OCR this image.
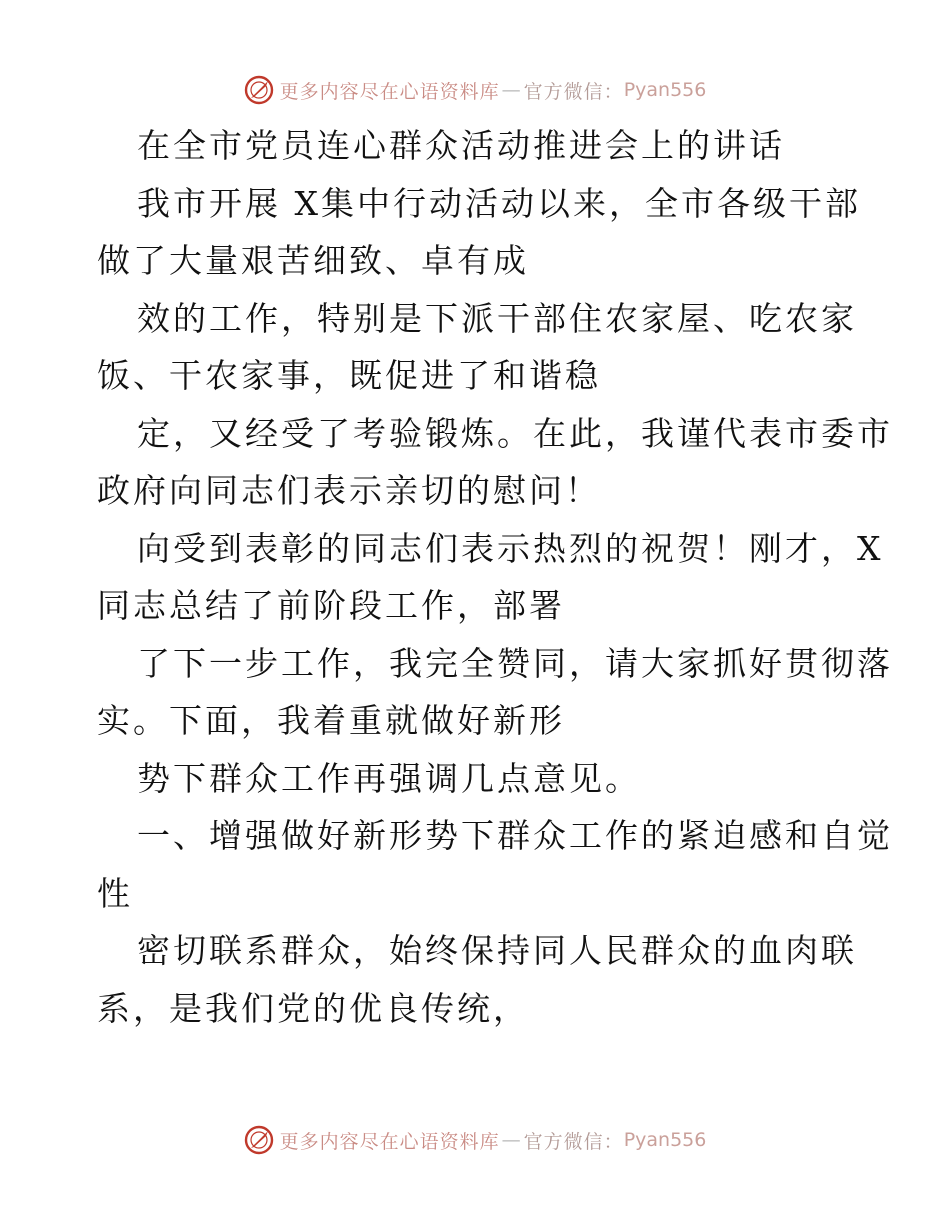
更多内容尽在心语资料库 — 官方微信： Pyan556

在全市党员连心群众活动推进会上的讲话

我市开展 X集中行动活动以来，全市各级干部

做了大量艰苦细致、卓有成

效的工作，特别是下派干部住农家屋、吃农家

饭、干农家事，既促进了和谐稳

定，又经受了考验锻炼。在此，我谨代表市委市

政府向同志们表示亲切的慰问！

向受到表彰的同志们表示热烈的祝贺！刚才，X

同志总结了前阶段工作，部署

了下一步工作，我完全赞同，请大家抓好贯彻落

实。下面，我着重就做好新形

势下群众工作再强调几点意见。

一、增强做好新形势下群众工作的紧迫感和自觉

性

密切联系群众，始终保持同人民群众的血肉联

系，是我们党的优良传统，

更多内容尽在心语资料库 — 官方微信： Pyan556
